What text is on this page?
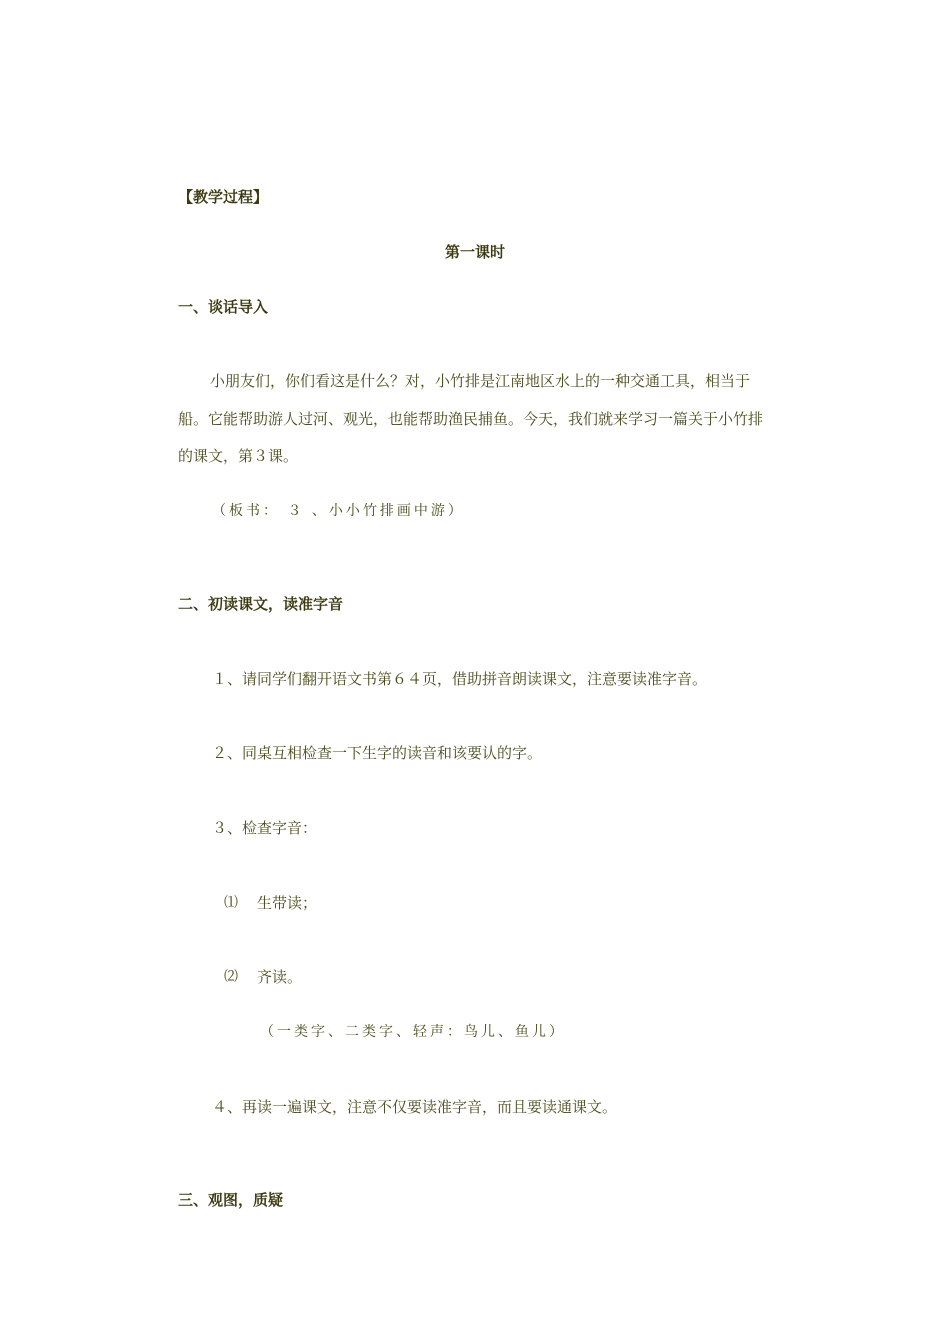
【教学过程】
第一课时
一、谈话导入
小朋友们，你们看这是什么？对，小竹排是江南地区水上的一种交通工具，相当于
船。它能帮助游人过河、观光，也能帮助渔民捕鱼。今天，我们就来学习一篇关于小竹排
的课文，第３课。
（板书： ３ 、小小竹排画中游）
二、初读课文，读准字音
１、请同学们翻开语文书第６４页，借助拼音朗读课文，注意要读准字音。
２、同桌互相检查一下生字的读音和该要认的字。
３、检查字音：
⑴ 生带读；
⑵ 齐读。
（一类字、二类字、轻声：鸟儿、鱼儿）
４、再读一遍课文，注意不仅要读准字音，而且要读通课文。
三、观图，质疑
